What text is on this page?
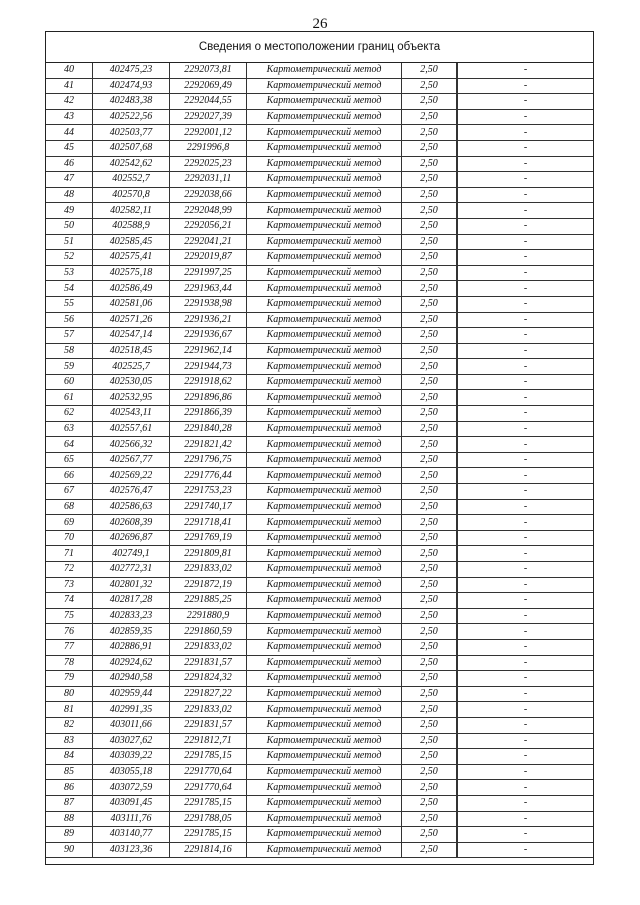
26
Сведения о местоположении границ объекта
40	402475,23	2292073,81	Картометрический метод	2,50		-
41	402474,93	2292069,49	Картометрический метод	2,50		-
42	402483,38	2292044,55	Картометрический метод	2,50		-
43	402522,56	2292027,39	Картометрический метод	2,50		-
44	402503,77	2292001,12	Картометрический метод	2,50		-
45	402507,68	2291996,8	Картометрический метод	2,50		-
46	402542,62	2292025,23	Картометрический метод	2,50		-
47	402552,7	2292031,11	Картометрический метод	2,50		-
48	402570,8	2292038,66	Картометрический метод	2,50		-
49	402582,11	2292048,99	Картометрический метод	2,50		-
50	402588,9	2292056,21	Картометрический метод	2,50		-
51	402585,45	2292041,21	Картометрический метод	2,50		-
52	402575,41	2292019,87	Картометрический метод	2,50		-
53	402575,18	2291997,25	Картометрический метод	2,50		-
54	402586,49	2291963,44	Картометрический метод	2,50		-
55	402581,06	2291938,98	Картометрический метод	2,50		-
56	402571,26	2291936,21	Картометрический метод	2,50		-
57	402547,14	2291936,67	Картометрический метод	2,50		-
58	402518,45	2291962,14	Картометрический метод	2,50		-
59	402525,7	2291944,73	Картометрический метод	2,50		-
60	402530,05	2291918,62	Картометрический метод	2,50		-
61	402532,95	2291896,86	Картометрический метод	2,50		-
62	402543,11	2291866,39	Картометрический метод	2,50		-
63	402557,61	2291840,28	Картометрический метод	2,50		-
64	402566,32	2291821,42	Картометрический метод	2,50		-
65	402567,77	2291796,75	Картометрический метод	2,50		-
66	402569,22	2291776,44	Картометрический метод	2,50		-
67	402576,47	2291753,23	Картометрический метод	2,50		-
68	402586,63	2291740,17	Картометрический метод	2,50		-
69	402608,39	2291718,41	Картометрический метод	2,50		-
70	402696,87	2291769,19	Картометрический метод	2,50		-
71	402749,1	2291809,81	Картометрический метод	2,50		-
72	402772,31	2291833,02	Картометрический метод	2,50		-
73	402801,32	2291872,19	Картометрический метод	2,50		-
74	402817,28	2291885,25	Картометрический метод	2,50		-
75	402833,23	2291880,9	Картометрический метод	2,50		-
76	402859,35	2291860,59	Картометрический метод	2,50		-
77	402886,91	2291833,02	Картометрический метод	2,50		-
78	402924,62	2291831,57	Картометрический метод	2,50		-
79	402940,58	2291824,32	Картометрический метод	2,50		-
80	402959,44	2291827,22	Картометрический метод	2,50		-
81	402991,35	2291833,02	Картометрический метод	2,50		-
82	403011,66	2291831,57	Картометрический метод	2,50		-
83	403027,62	2291812,71	Картометрический метод	2,50		-
84	403039,22	2291785,15	Картометрический метод	2,50		-
85	403055,18	2291770,64	Картометрический метод	2,50		-
86	403072,59	2291770,64	Картометрический метод	2,50		-
87	403091,45	2291785,15	Картометрический метод	2,50		-
88	403111,76	2291788,05	Картометрический метод	2,50		-
89	403140,77	2291785,15	Картометрический метод	2,50		-
90	403123,36	2291814,16	Картометрический метод	2,50		-
